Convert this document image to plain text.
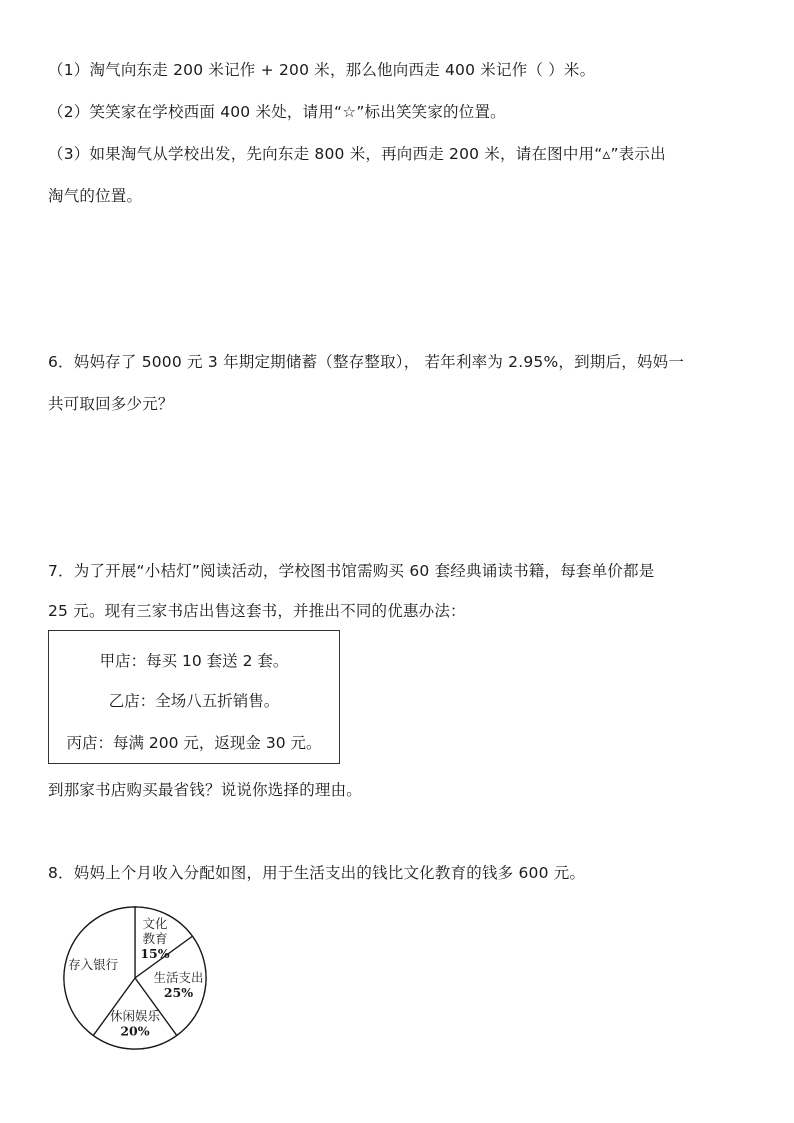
（1）淘气向东走 200 米记作 + 200 米，那么他向西走 400 米记作（ ）米。
（2）笑笑家在学校西面 400 米处，请用“☆”标出笑笑家的位置。
（3）如果淘气从学校出发，先向东走 800 米，再向西走 200 米，请在图中用“▵”表示出
淘气的位置。
6．妈妈存了 5000 元 3 年期定期储蓄（整存整取）， 若年利率为 2.95%，到期后，妈妈一
共可取回多少元？
7．为了开展“小桔灯”阅读活动，学校图书馆需购买 60 套经典诵读书籍，每套单价都是
25 元。现有三家书店出售这套书，并推出不同的优惠办法：
甲店：每买 10 套送 2 套。
乙店：全场八五折销售。
丙店：每满 200 元，返现金 30 元。
到那家书店购买最省钱？说说你选择的理由。
8．妈妈上个月收入分配如图，用于生活支出的钱比文化教育的钱多 600 元。
文化
教育
15%
生活支出
25%
休闲娱乐
20%
存入银行
